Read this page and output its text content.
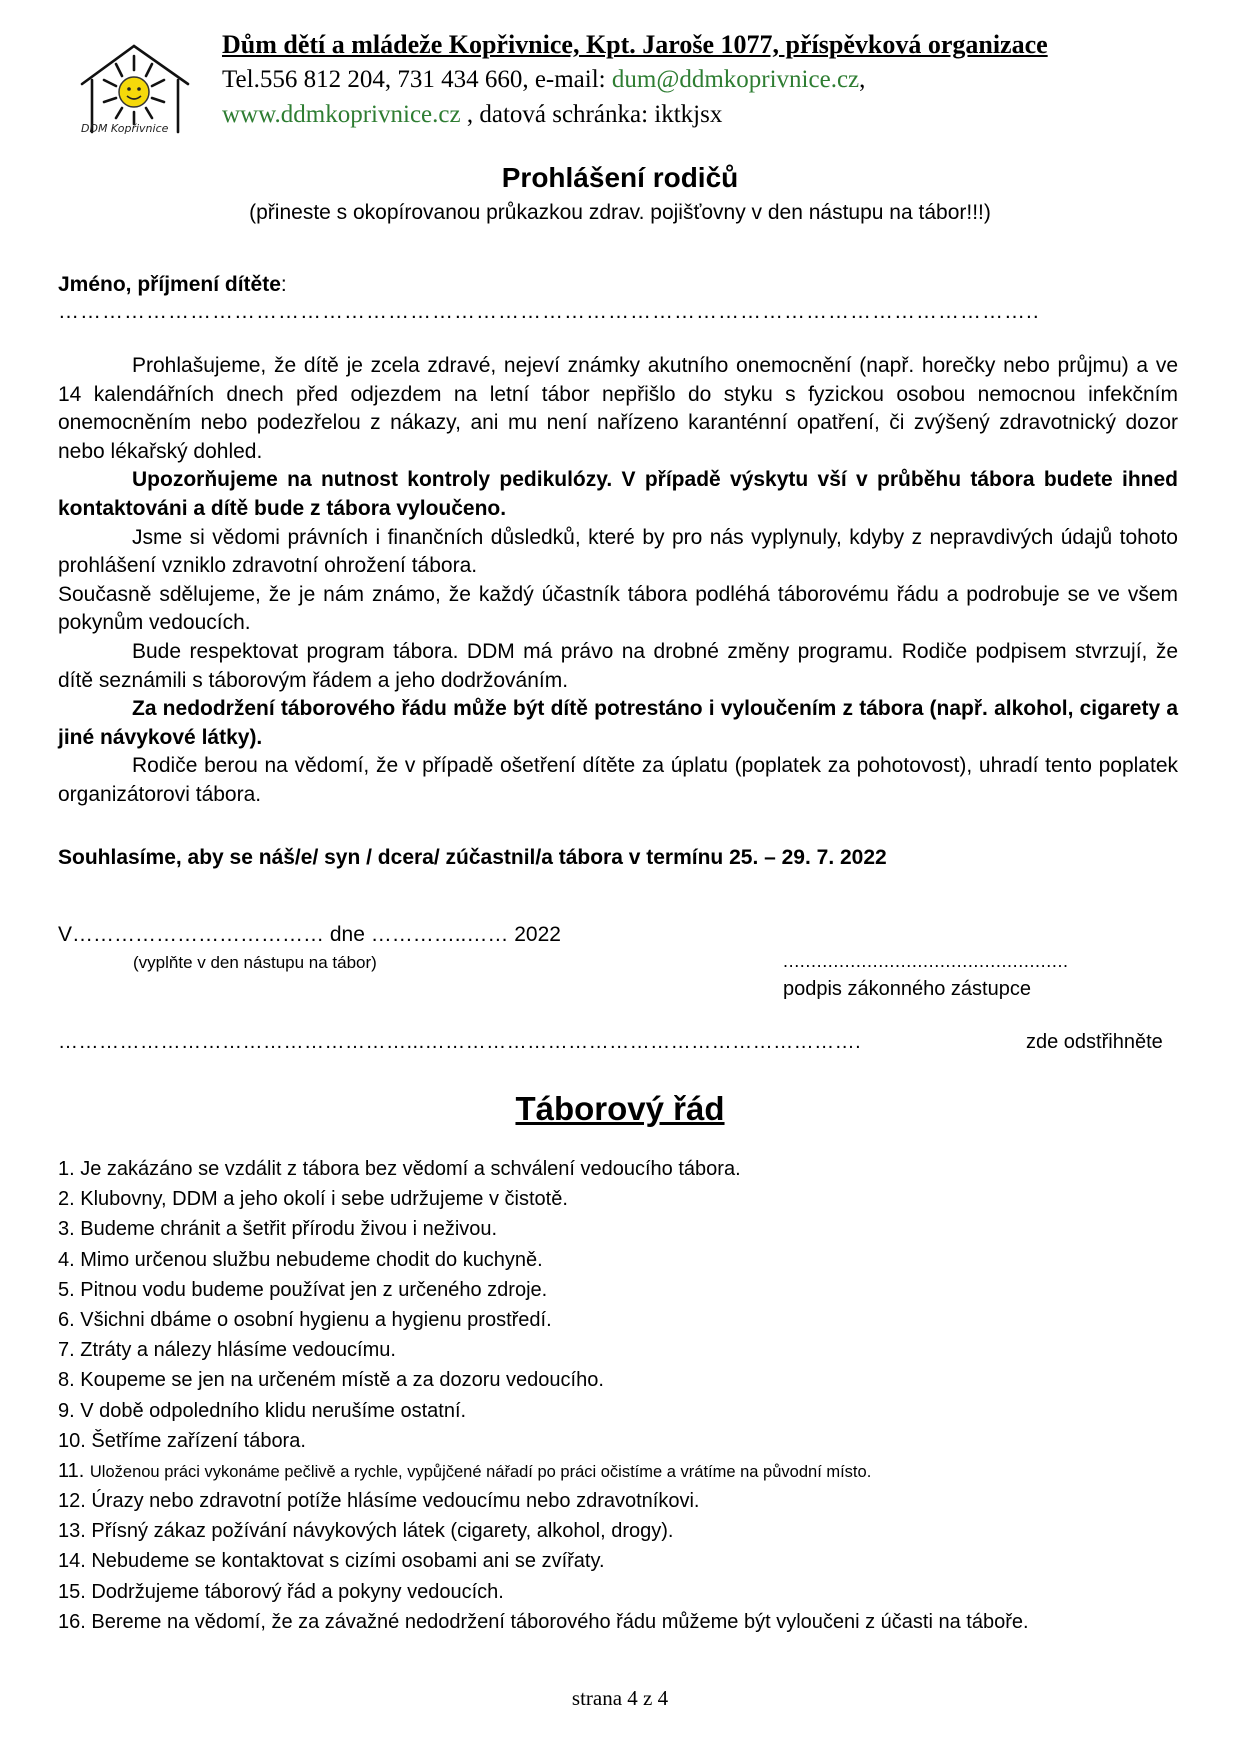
DDM Kopřivnice
Dům dětí a mládeže Kopřivnice, Kpt. Jaroše 1077, příspěvková organizace
Tel.556 812 204, 731 434 660, e-mail: dum@ddmkoprivnice.cz,
www.ddmkoprivnice.cz , datová schránka: iktkjsx
Prohlášení rodičů
(přineste s okopírovanou průkazkou zdrav. pojišťovny v den nástupu na tábor!!!)
Jméno, příjmení dítěte:
……………………………………………………………………………………………………………………..

Prohlašujeme, že dítě je zcela zdravé, nejeví známky akutního onemocnění (např. horečky nebo průjmu) a ve 14 kalendářních dnech před odjezdem na letní tábor nepřišlo do styku s fyzickou osobou nemocnou infekčním onemocněním nebo podezřelou z nákazy, ani mu není nařízeno karanténní opatření, či zvýšený zdravotnický dozor nebo lékařský dohled.

Upozorňujeme na nutnost kontroly pedikulózy. V případě výskytu vší v průběhu tábora budete ihned kontaktováni a dítě bude z tábora vyloučeno.

Jsme si vědomi právních i finančních důsledků, které by pro nás vyplynuly, kdyby z nepravdivých údajů tohoto prohlášení vzniklo zdravotní ohrožení tábora.

Současně sdělujeme, že je nám známo, že každý účastník tábora podléhá táborovému řádu a podrobuje se ve všem pokynům vedoucích.

Bude respektovat program tábora. DDM má právo na drobné změny programu. Rodiče podpisem stvrzují, že dítě seznámili s táborovým řádem a jeho dodržováním.

Za nedodržení táborového řádu může být dítě potrestáno i vyloučením z tábora (např. alkohol, cigarety a jiné návykové látky).

Rodiče berou na vědomí, že v případě ošetření dítěte za úplatu (poplatek za pohotovost), uhradí tento poplatek organizátorovi tábora.

Souhlasíme, aby se náš/e/ syn / dcera/ zúčastnil/a tábora v termínu 25. – 29. 7. 2022
V……………………………… dne …………..…… 2022
(vyplňte v den nástupu na tábor)	...................................................
podpis zákonného zástupce
……………………………………………...……………………………………………………….	zde odstřihněte
Táborový řád
1. Je zakázáno se vzdálit z tábora bez vědomí a schválení vedoucího tábora.
2. Klubovny, DDM a jeho okolí i sebe udržujeme v čistotě.
3. Budeme chránit a šetřit přírodu živou i neživou.
4. Mimo určenou službu nebudeme chodit do kuchyně.
5. Pitnou vodu budeme používat jen z určeného zdroje.
6. Všichni dbáme o osobní hygienu a hygienu prostředí.
7. Ztráty a nálezy hlásíme vedoucímu.
8. Koupeme se jen na určeném místě a za dozoru vedoucího.
9. V době odpoledního klidu nerušíme ostatní.
10. Šetříme zařízení tábora.
11. Uloženou práci vykonáme pečlivě a rychle, vypůjčené nářadí po práci očistíme a vrátíme na původní místo.
12. Úrazy nebo zdravotní potíže hlásíme vedoucímu nebo zdravotníkovi.
13. Přísný zákaz požívání návykových látek (cigarety, alkohol, drogy).
14. Nebudeme se kontaktovat s cizími osobami ani se zvířaty.
15. Dodržujeme táborový řád a pokyny vedoucích.
16. Bereme na vědomí, že za závažné nedodržení táborového řádu můžeme být vyloučeni z účasti na táboře.
strana 4 z 4
